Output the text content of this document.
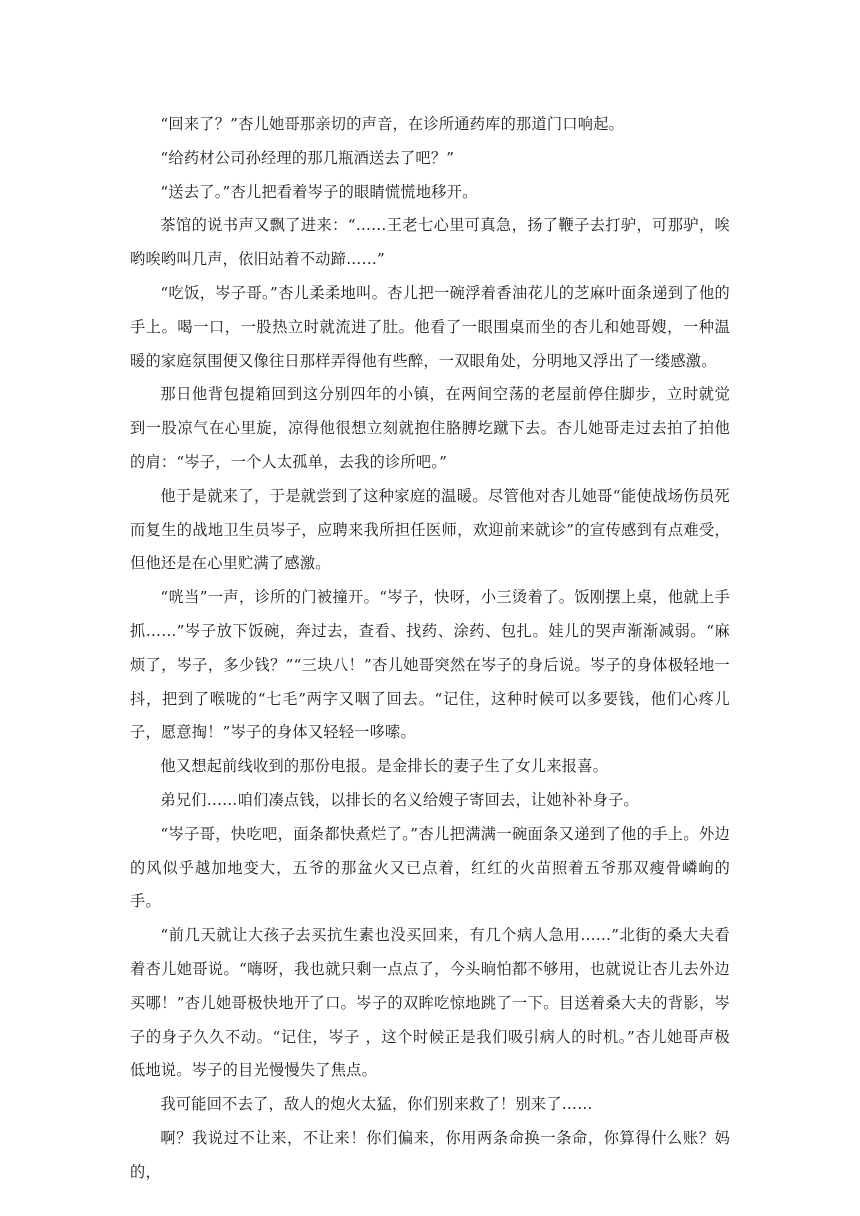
“回来了？”杏儿她哥那亲切的声音，在诊所通药库的那道门口响起。

“给药材公司孙经理的那几瓶酒送去了吧？”

“送去了。”杏儿把看着岑子的眼睛慌慌地移开。

茶馆的说书声又飘了进来：“……王老七心里可真急，扬了鞭子去打驴，可那驴，唉哟唉哟叫几声，依旧站着不动蹄……”

“吃饭，岑子哥。”杏儿柔柔地叫。杏儿把一碗浮着香油花儿的芝麻叶面条递到了他的手上。喝一口，一股热立时就流进了肚。他看了一眼围桌而坐的杏儿和她哥嫂，一种温暖的家庭氛围便又像往日那样弄得他有些醉，一双眼角处，分明地又浮出了一缕感激。

那日他背包提箱回到这分别四年的小镇，在两间空荡的老屋前停住脚步，立时就觉到一股凉气在心里旋，凉得他很想立刻就抱住胳膊圪蹴下去。杏儿她哥走过去拍了拍他的肩：“岑子，一个人太孤单，去我的诊所吧。”

他于是就来了，于是就尝到了这种家庭的温暖。尽管他对杏儿她哥“能使战场伤员死而复生的战地卫生员岑子，应聘来我所担任医师，欢迎前来就诊”的宣传感到有点难受，但他还是在心里贮满了感激。

“咣当”一声，诊所的门被撞开。“岑子，快呀，小三烫着了。饭刚摆上桌，他就上手抓……”岑子放下饭碗，奔过去，查看、找药、涂药、包扎。娃儿的哭声渐渐减弱。“麻烦了，岑子，多少钱？”“三块八！”杏儿她哥突然在岑子的身后说。岑子的身体极轻地一抖，把到了喉咙的“七毛”两字又咽了回去。“记住，这种时候可以多要钱，他们心疼儿子，愿意掏！”岑子的身体又轻轻一哆嗦。

他又想起前线收到的那份电报。是金排长的妻子生了女儿来报喜。

弟兄们……咱们凑点钱，以排长的名义给嫂子寄回去，让她补补身子。

“岑子哥，快吃吧，面条都快煮烂了。”杏儿把满满一碗面条又递到了他的手上。外边的风似乎越加地变大，五爷的那盆火又已点着，红红的火苗照着五爷那双瘦骨嶙峋的手。

“前几天就让大孩子去买抗生素也没买回来，有几个病人急用……”北街的桑大夫看着杏儿她哥说。“嗨呀，我也就只剩一点点了，今头晌怕都不够用，也就说让杏儿去外边买哪！”杏儿她哥极快地开了口。岑子的双眸吃惊地跳了一下。目送着桑大夫的背影，岑子的身子久久不动。“记住，岑子 ，这个时候正是我们吸引病人的时机。”杏儿她哥声极低地说。岑子的目光慢慢失了焦点。

我可能回不去了，敌人的炮火太猛，你们别来救了！别来了……

啊？我说过不让来，不让来！你们偏来，你用两条命换一条命，你算得什么账？妈的，
